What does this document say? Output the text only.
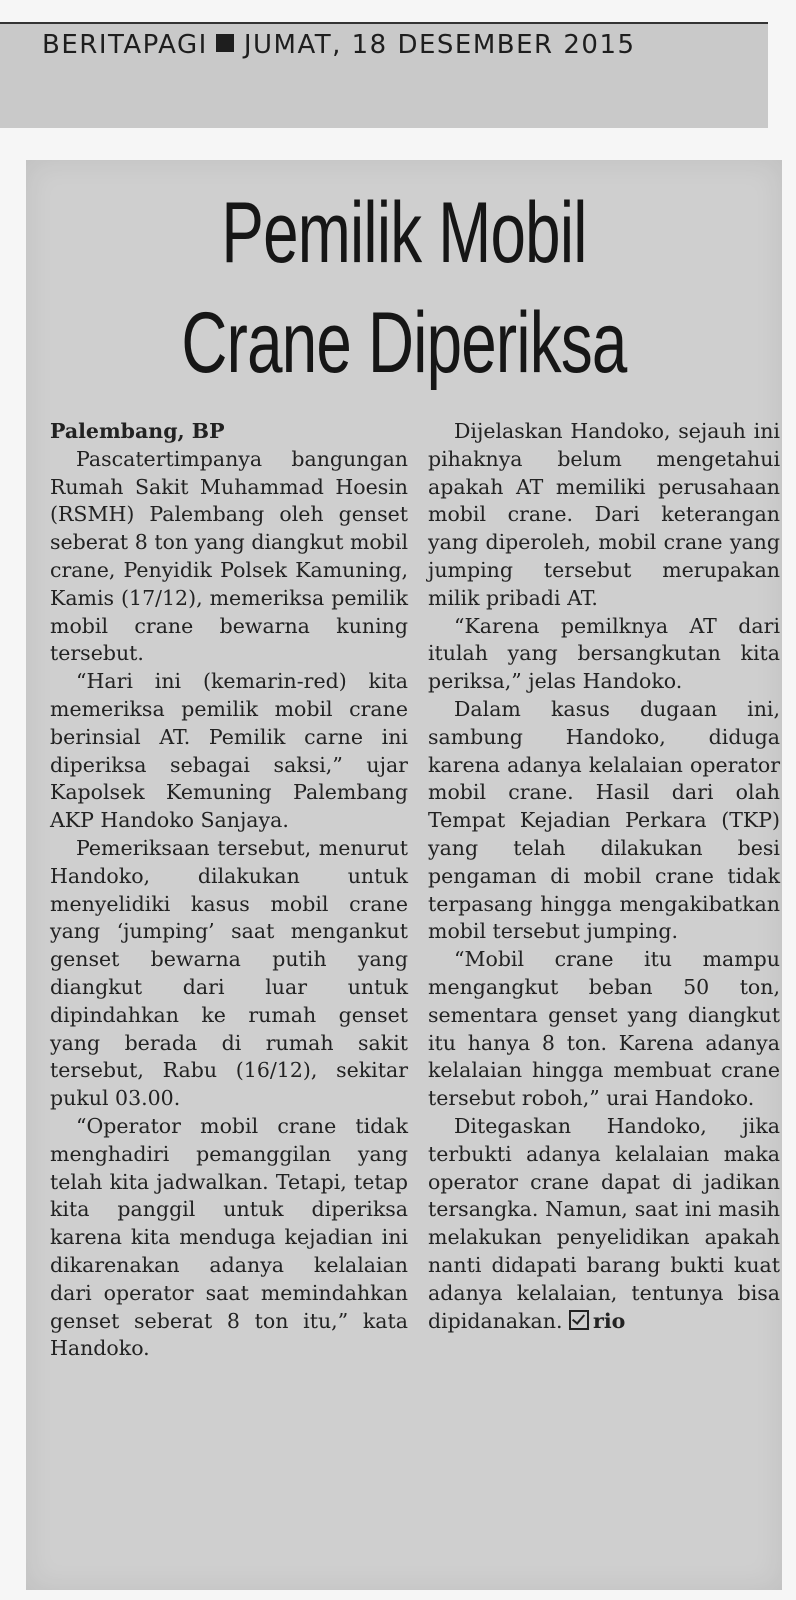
BERITAPAGI JUMAT, 18 DESEMBER 2015
Pemilik Mobil
Crane Diperiksa

Palembang, BP

Pascatertimpanya bangungan Rumah Sakit Muhammad Hoesin (RSMH) Palembang oleh genset seberat 8 ton yang diangkut mobil crane, Penyidik Polsek Kamuning, Kamis (17/12), memeriksa pemilik mobil crane bewarna kuning tersebut.

“Hari ini (kemarin-red) kita memeriksa pemilik mobil crane berinsial AT. Pemilik carne ini diperiksa sebagai saksi,” ujar Kapolsek Kemuning Palembang AKP Handoko Sanjaya.

Pemeriksaan tersebut, menurut Handoko, dilakukan untuk menyelidiki kasus mobil crane yang ‘jumping’ saat mengankut genset bewarna putih yang diangkut dari luar untuk dipindahkan ke rumah genset yang berada di rumah sakit tersebut, Rabu (16/12), sekitar pukul 03.00.

“Operator mobil crane tidak menghadiri pemanggilan yang telah kita jadwalkan. Tetapi, tetap kita panggil untuk diperiksa karena kita menduga kejadian ini dikarenakan adanya kelalaian dari operator saat memindahkan genset seberat 8 ton itu,” kata Handoko.

Dijelaskan Handoko, sejauh ini pihaknya belum mengetahui apakah AT memiliki perusahaan mobil crane. Dari keterangan yang diperoleh, mobil crane yang jumping tersebut merupakan milik pribadi AT.

“Karena pemilknya AT dari itulah yang bersangkutan kita periksa,” jelas Handoko.

Dalam kasus dugaan ini, sambung Handoko, diduga karena adanya kelalaian operator mobil crane. Hasil dari olah Tempat Kejadian Perkara (TKP) yang telah dilakukan besi pengaman di mobil crane tidak terpasang hingga mengakibatkan mobil tersebut jumping.

“Mobil crane itu mampu mengangkut beban 50 ton, sementara genset yang diangkut itu hanya 8 ton. Karena adanya kelalaian hingga membuat crane tersebut roboh,” urai Handoko.

Ditegaskan Handoko, jika terbukti adanya kelalaian maka operator crane dapat di jadikan tersangka. Namun, saat ini masih melakukan penyelidikan apakah nanti didapati barang bukti kuat adanya kelalaian, tentunya bisa dipidanakan. rio
